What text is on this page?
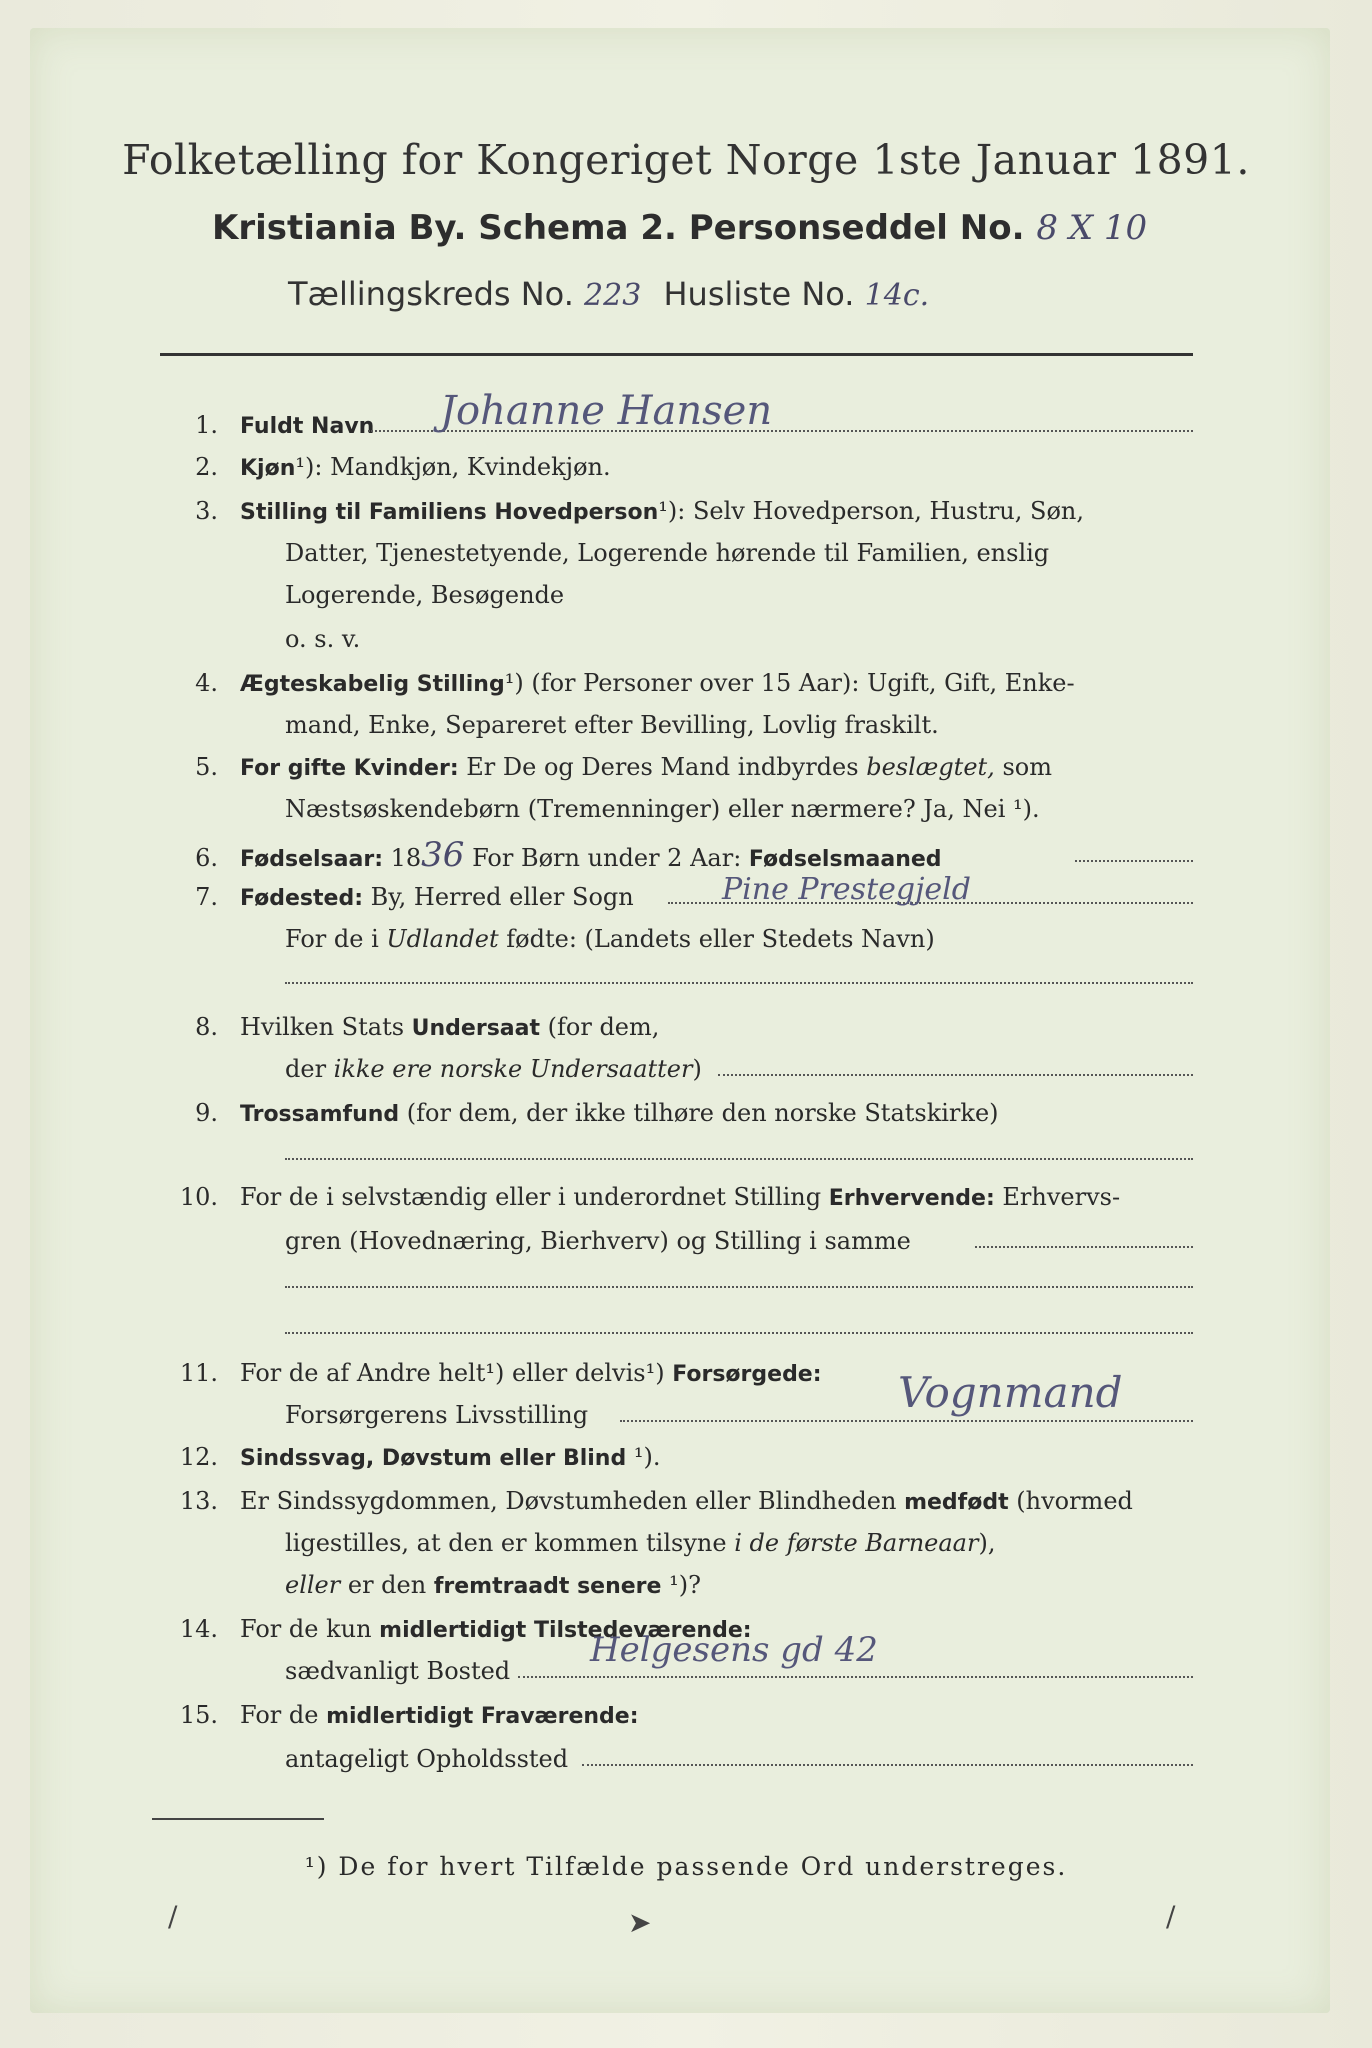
Folketælling for Kongeriget Norge 1ste Januar 1891.
Kristiania By. Schema 2. Personseddel No. 8 X 10
Tællingskreds No. 223 Husliste No. 14c.
1. Fuldt Navn	Johanne Hansen
2. Kjøn¹): Mandkjøn, Kvindekjøn.
3. Stilling til Familiens Hovedperson¹): Selv Hovedperson, Hustru, Søn,
Datter, Tjenestetyende, Logerende hørende til Familien, enslig
Logerende, Besøgende
o. s. v.
4. Ægteskabelig Stilling¹) (for Personer over 15 Aar): Ugift, Gift, Enke-
mand, Enke, Separeret efter Bevilling, Lovlig fraskilt.
5. For gifte Kvinder: Er De og Deres Mand indbyrdes beslægtet, som
Næstsøskendebørn (Tremenninger) eller nærmere? Ja, Nei ¹).
6. Fødselsaar: 1836 For Børn under 2 Aar: Fødselsmaaned
7. Fødested: By, Herred eller Sogn	Pine Prestegjeld
For de i Udlandet fødte: (Landets eller Stedets Navn)
8. Hvilken Stats Undersaat (for dem,
der ikke ere norske Undersaatter)
9. Trossamfund (for dem, der ikke tilhøre den norske Statskirke)
10. For de i selvstændig eller i underordnet Stilling Erhvervende: Erhvervs-
gren (Hovednæring, Bierhverv) og Stilling i samme
11. For de af Andre helt¹) eller delvis¹) Forsørgede:
Forsørgerens Livsstilling	Vognmand
12. Sindssvag, Døvstum eller Blind ¹).
13. Er Sindssygdommen, Døvstumheden eller Blindheden medfødt (hvormed
ligestilles, at den er kommen tilsyne i de første Barneaar),
eller er den fremtraadt senere ¹)?
14. For de kun midlertidigt Tilstedeværende:
sædvanligt Bosted
Helgesens gd 42
15. For de midlertidigt Fraværende:
antageligt Opholdssted
¹) De for hvert Tilfælde passende Ord understreges.
/	➤	/
